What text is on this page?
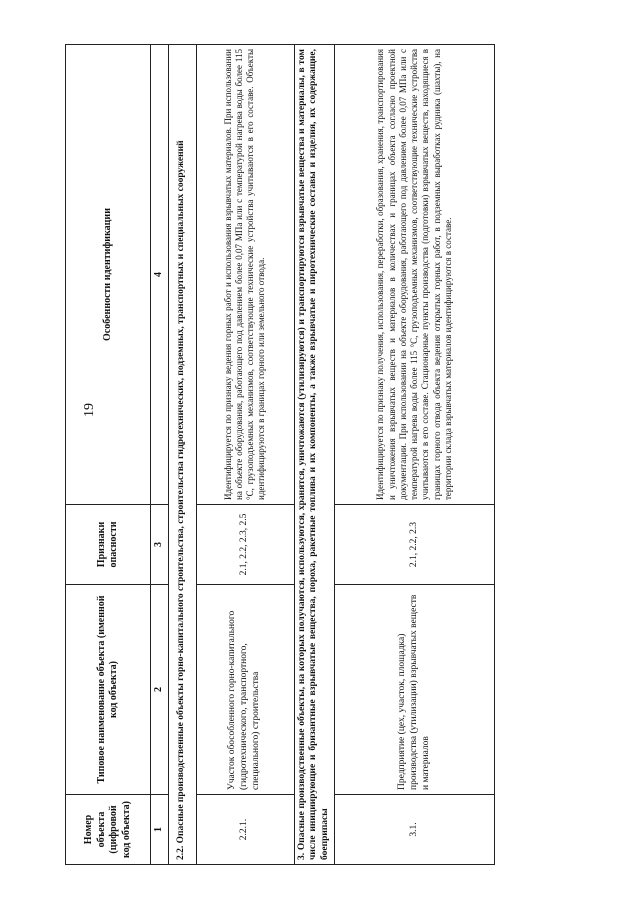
19
Номер объекта (цифровой код объекта)	Типовое наименование объекта (именной код объекта)	Признаки опасности	Особенности идентификации
1	2	3	4
2.2. Опасные производственные объекты горно-капитального строительства, строительства гидротехнических, подземных, транспортных и специальных сооружений			
2.2.1.	Участок обособленного горно-капитального (гидротехнического, транспортного, специального) строительства	2.1, 2.2, 2.3, 2.5	Идентифицируется по признаку ведения горных работ и использования взрывчатых материалов. При использовании на объекте оборудования, работающего под давлением более 0,07 МПа или с температурой нагрева воды более 115 °С, грузоподъемных механизмов, соответствующие технические устройства учитываются в его составе. Объекты идентифицируются в границах горного или земельного отвода.
3. Опасные производственные объекты, на которых получаются, используются, хранятся, уничтожаются (утилизируются) и транспортируются взрывчатые вещества и материалы, в том числе инициирующие и бризантные взрывчатые вещества, пороха, ракетные топлива и их компоненты, а также взрывчатые и пиротехнические составы и изделия, их содержащие, боеприпасы			
3.1.	Предприятие (цех, участок, площадка) производства (утилизации) взрывчатых веществ и материалов	2.1, 2.2, 2.3	Идентифицируется по признаку получения, использования, переработки, образования, хранения, транспортирования и уничтожения взрывчатых веществ и материалов в количествах и границах объекта согласно проектной документации. При использовании на объекте оборудования, работающего под давлением более 0,07 МПа или с температурой нагрева воды более 115 °С, грузоподъемных механизмов, соответствующие технические устройства учитываются в его составе. Стационарные пункты производства (подготовки) взрывчатых веществ, находящиеся в границах горного отвода объекта ведения открытых горных работ, в подземных выработках рудника (шахты), на территории склада взрывчатых материалов идентифицируются в составе.
